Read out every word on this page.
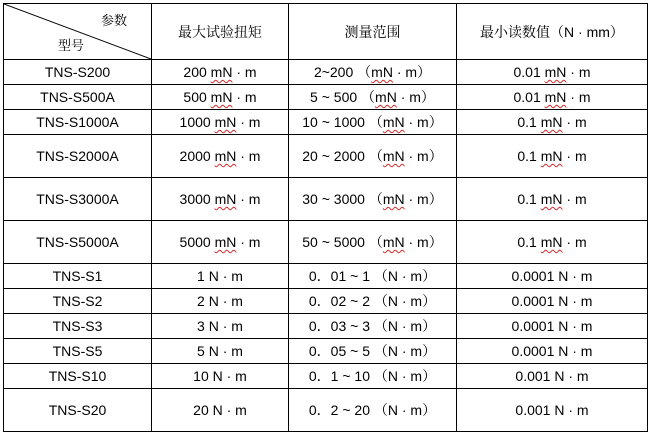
参数
型号	最大试验扭矩	测量范围	最小读数值（N · mm）
TNS-S200	200 mN · m	2~200 （mN · m）	0.01 mN · m
TNS-S500A	500 mN · m	5 ~ 500 （mN · m）	0.01 mN · m
TNS-S1000A	1000 mN · m	10 ~ 1000 （mN · m）	0.1 mN · m
TNS-S2000A	2000 mN · m	20 ~ 2000 （mN · m）	0.1 mN · m
TNS-S3000A	3000 mN · m	30 ~ 3000 （mN · m）	0.1 mN · m
TNS-S5000A	5000 mN · m	50 ~ 5000 （mN · m）	0.1 mN · m
TNS-S1	1 N · m	0．01 ~ 1 （N · m）	0.0001 N · m
TNS-S2	2 N · m	0．02 ~ 2 （N · m）	0.0001 N · m
TNS-S3	3 N · m	0．03 ~ 3 （N · m）	0.0001 N · m
TNS-S5	5 N · m	0．05 ~ 5 （N · m）	0.0001 N · m
TNS-S10	10 N · m	0．1 ~ 10 （N · m）	0.001 N · m
TNS-S20	20 N · m	0．2 ~ 20 （N · m）	0.001 N · m
